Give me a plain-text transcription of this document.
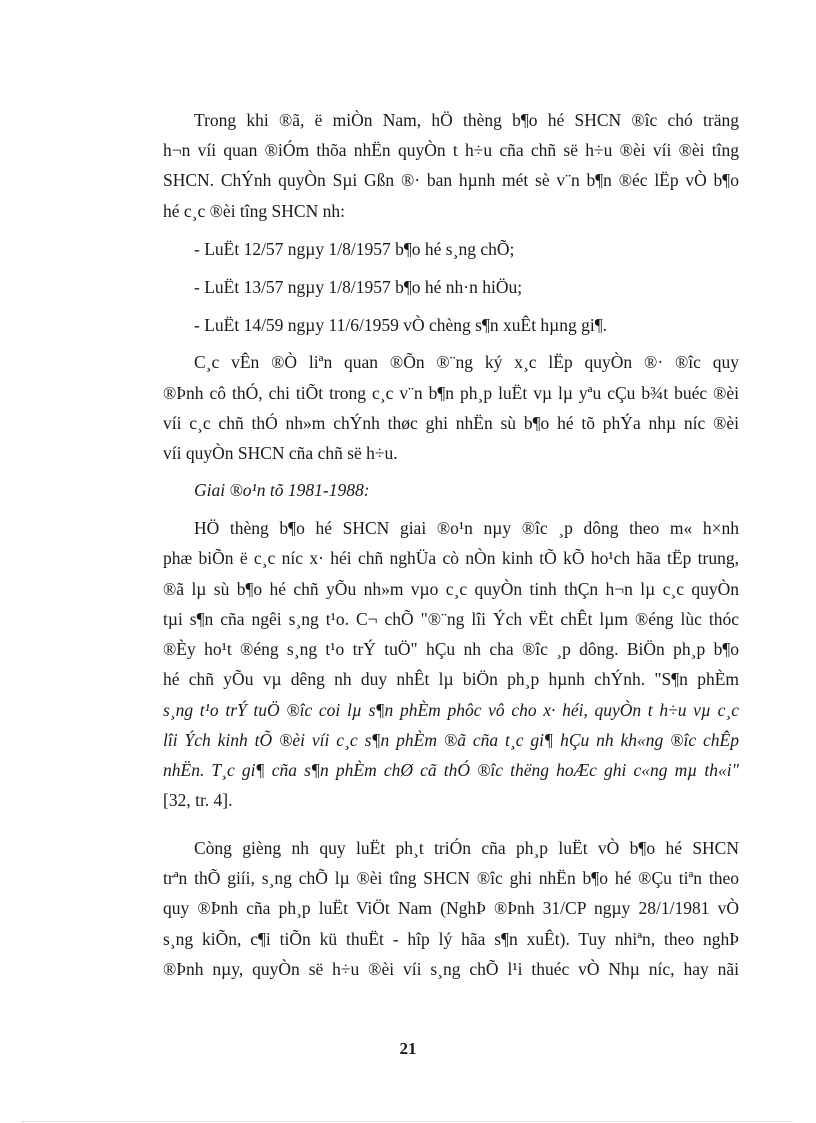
Trong khi ®ã, ë miÒn Nam, hÖ thèng b¶o hé SHCN ®îc chó träng
h¬n víi quan ®iÓm thõa nhËn quyÒn t h÷u cña chñ së h÷u ®èi víi ®èi tîng
SHCN. ChÝnh quyÒn Sµi Gßn ®· ban hµnh mét sè v¨n b¶n ®éc lËp vÒ b¶o
hé c¸c ®èi tîng SHCN nh:
- LuËt 12/57 ngµy 1/8/1957 b¶o hé s¸ng chÕ;
- LuËt 13/57 ngµy 1/8/1957 b¶o hé nh·n hiÖu;
- LuËt 14/59 ngµy 11/6/1959 vÒ chèng s¶n xuÊt hµng gi¶.
C¸c vÊn ®Ò liªn quan ®Õn ®¨ng ký x¸c lËp quyÒn ®· ®îc quy
®Þnh cô thÓ, chi tiÕt trong c¸c v¨n b¶n ph¸p luËt vµ lµ yªu cÇu b¾t buéc ®èi
víi c¸c chñ thÓ nh»m chÝnh thøc ghi nhËn sù b¶o hé tõ phÝa nhµ níc ®èi
víi quyÒn SHCN cña chñ së h÷u.
Giai ®o¹n tõ 1981-1988:
HÖ thèng b¶o hé SHCN giai ®o¹n nµy ®îc ¸p dông theo m« h×nh
phæ biÕn ë c¸c níc x· héi chñ nghÜa cò nÒn kinh tÕ kÕ ho¹ch hãa tËp trung,
®ã lµ sù b¶o hé chñ yÕu nh»m vµo c¸c quyÒn tinh thÇn h¬n lµ c¸c quyÒn
tµi s¶n cña ngêi s¸ng t¹o. C¬ chÕ "®¨ng lîi Ých vËt chÊt lµm ®éng lùc thóc
®Èy ho¹t ®éng s¸ng t¹o trÝ tuÖ" hÇu nh cha ®îc ¸p dông. BiÖn ph¸p b¶o
hé chñ yÕu vµ dêng nh duy nhÊt lµ biÖn ph¸p hµnh chÝnh. "S¶n phÈm
s¸ng t¹o trÝ tuÖ ®îc coi lµ s¶n phÈm phôc vô cho x· héi, quyÒn t h÷u vµ c¸c
lîi Ých kinh tÕ ®èi víi c¸c s¶n phÈm ®ã cña t¸c gi¶ hÇu nh kh«ng ®îc chÊp
nhËn. T¸c gi¶ cña s¶n phÈm chØ cã thÓ ®îc thëng hoÆc ghi c«ng mµ th«i"
[32, tr. 4].
Còng gièng nh quy luËt ph¸t triÓn cña ph¸p luËt vÒ b¶o hé SHCN
trªn thÕ giíi, s¸ng chÕ lµ ®èi tîng SHCN ®îc ghi nhËn b¶o hé ®Çu tiªn theo
quy ®Þnh cña ph¸p luËt ViÖt Nam (NghÞ ®Þnh 31/CP ngµy 28/1/1981 vÒ
s¸ng kiÕn, c¶i tiÕn kü thuËt - hîp lý hãa s¶n xuÊt). Tuy nhiªn, theo nghÞ
®Þnh nµy, quyÒn së h÷u ®èi víi s¸ng chÕ l¹i thuéc vÒ Nhµ níc, hay nãi
21
